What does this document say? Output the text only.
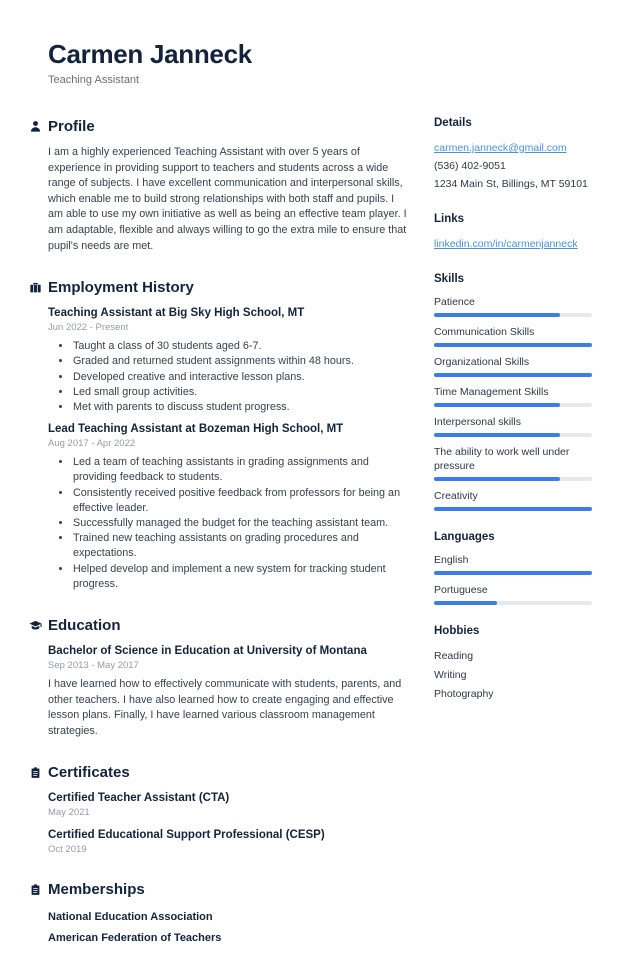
Carmen Janneck
Teaching Assistant
Profile

I am a highly experienced Teaching Assistant with over 5 years of experience in providing support to teachers and students across a wide range of subjects. I have excellent communication and interpersonal skills, which enable me to build strong relationships with both staff and pupils. I am able to use my own initiative as well as being an effective team player. I am adaptable, flexible and always willing to go the extra mile to ensure that pupil's needs are met.

Employment History
Teaching Assistant at Big Sky High School, MT
Jun 2022 - Present
• Taught a class of 30 students aged 6-7.
• Graded and returned student assignments within 48 hours.
• Developed creative and interactive lesson plans.
• Led small group activities.
• Met with parents to discuss student progress.
Lead Teaching Assistant at Bozeman High School, MT
Aug 2017 - Apr 2022
• Led a team of teaching assistants in grading assignments and providing feedback to students.
• Consistently received positive feedback from professors for being an effective leader.
• Successfully managed the budget for the teaching assistant team.
• Trained new teaching assistants on grading procedures and expectations.
• Helped develop and implement a new system for tracking student progress.
Education
Bachelor of Science in Education at University of Montana
Sep 2013 - May 2017

I have learned how to effectively communicate with students, parents, and other teachers. I have also learned how to create engaging and effective lesson plans. Finally, I have learned various classroom management strategies.

Certificates
Certified Teacher Assistant (CTA)
May 2021
Certified Educational Support Professional (CESP)
Oct 2019
Memberships
National Education Association
American Federation of Teachers
Details
carmen.janneck@gmail.com
(536) 402-9051
1234 Main St, Billings, MT 59101
Links
linkedin.com/in/carmenjanneck
Skills
Patience
Communication Skills
Organizational Skills
Time Management Skills
Interpersonal skills
The ability to work well under pressure
Creativity
Languages
English
Portuguese
Hobbies
Reading
Writing
Photography
